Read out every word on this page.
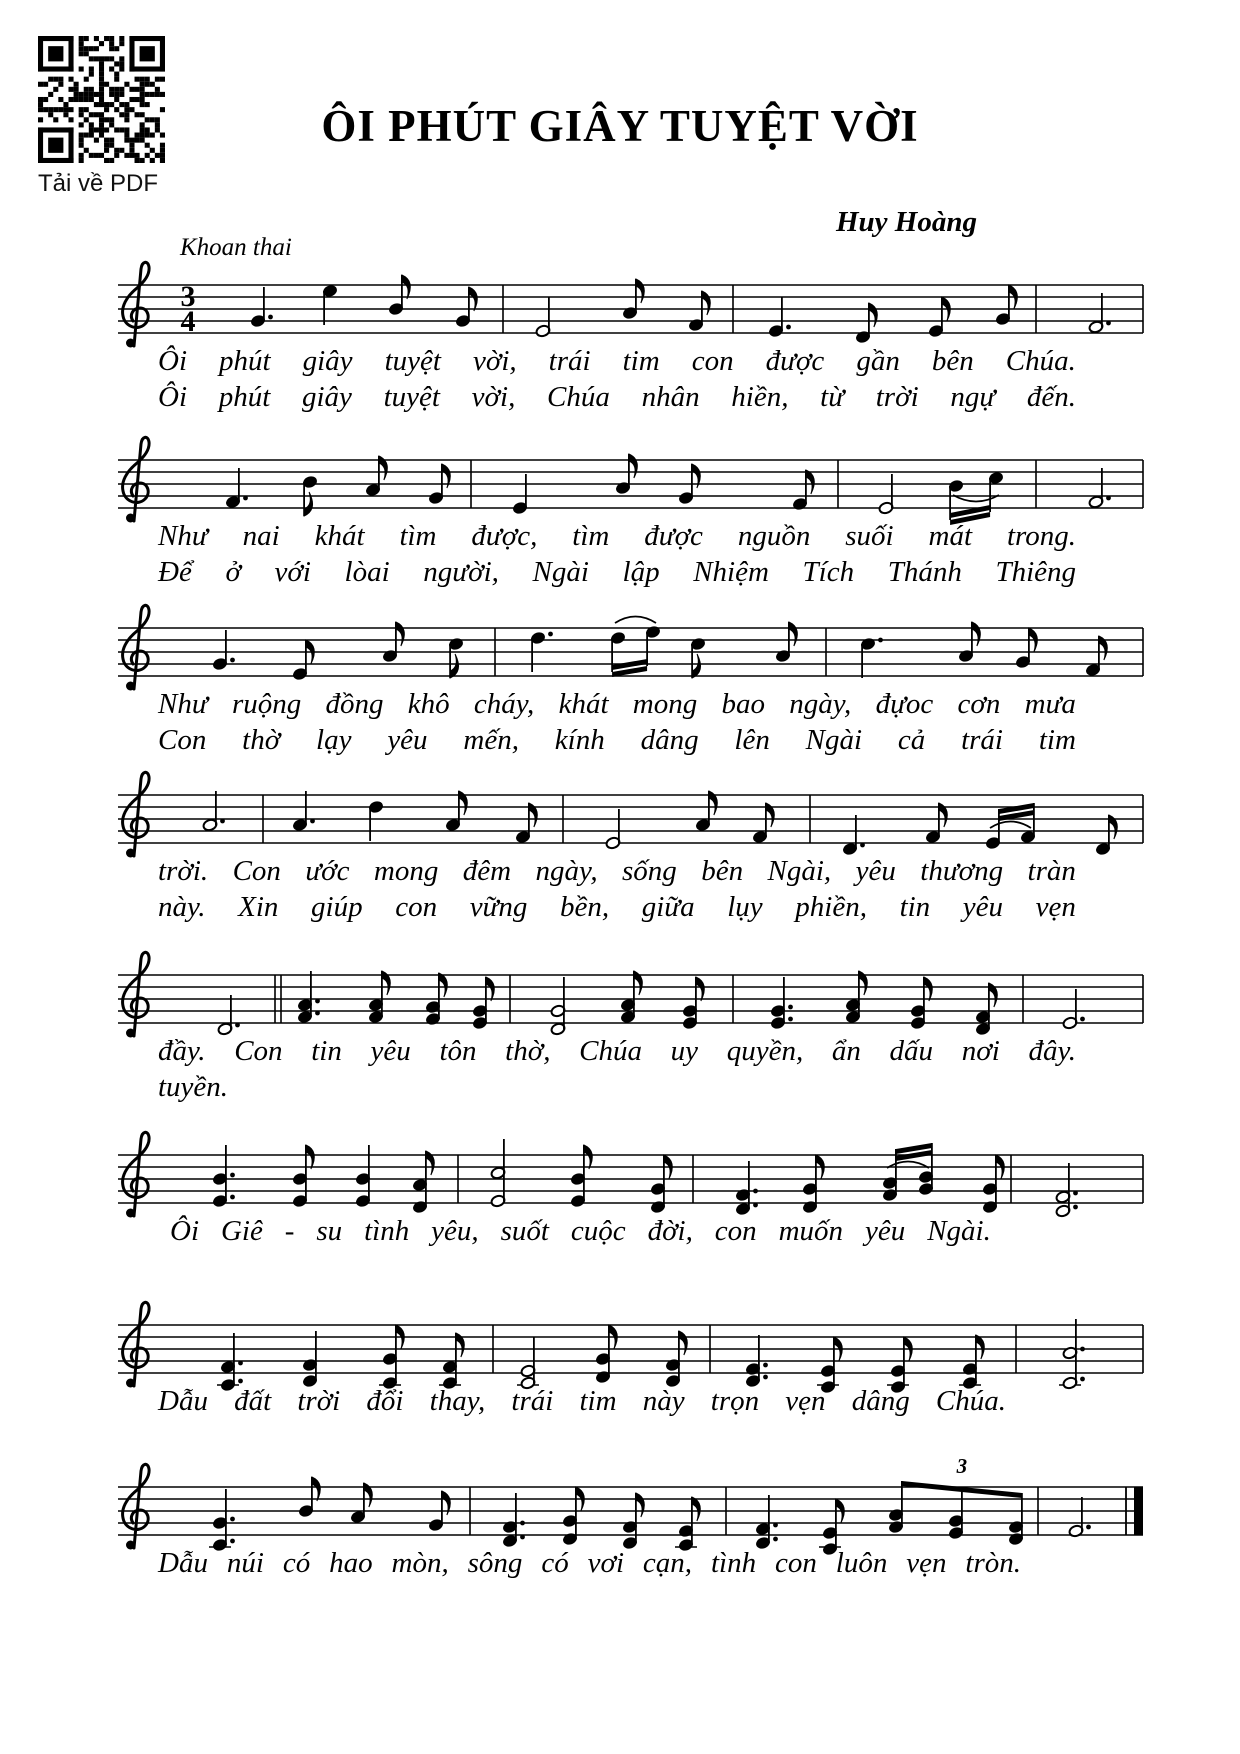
Tải về PDF
ÔI PHÚT GIÂY TUYỆT VỜI
Huy Hoàng
Khoan thai
3
4
Ôi phút giây tuyệt vời, trái tim con được gần bên Chúa.
Ôi phút giây tuyệt vời, Chúa nhân hiền, từ trời ngự đến.
Như nai khát tìm được, tìm được nguồn suối mát trong.
Để ở với lòai người, Ngài lập Nhiệm Tích Thánh Thiêng
Như ruộng đồng khô cháy, khát mong bao ngày, đựoc cơn mưa
Con thờ lạy yêu mến, kính dâng lên Ngài cả trái tim
trời. Con ước mong đêm ngày, sống bên Ngài, yêu thương tràn
này. Xin giúp con vững bền, giữa lụy phiền, tin yêu vẹn
đầy. Con tin yêu tôn thờ, Chúa uy quyền, ẩn dấu nơi đây.
tuyền.
Ôi Giê - su tình yêu, suốt cuộc đời, con muốn yêu Ngài.
Dẫu đất trời đổi thay, trái tim này trọn vẹn dâng Chúa.
3
Dẫu núi có hao mòn, sông có vơi cạn, tình con luôn vẹn tròn.
